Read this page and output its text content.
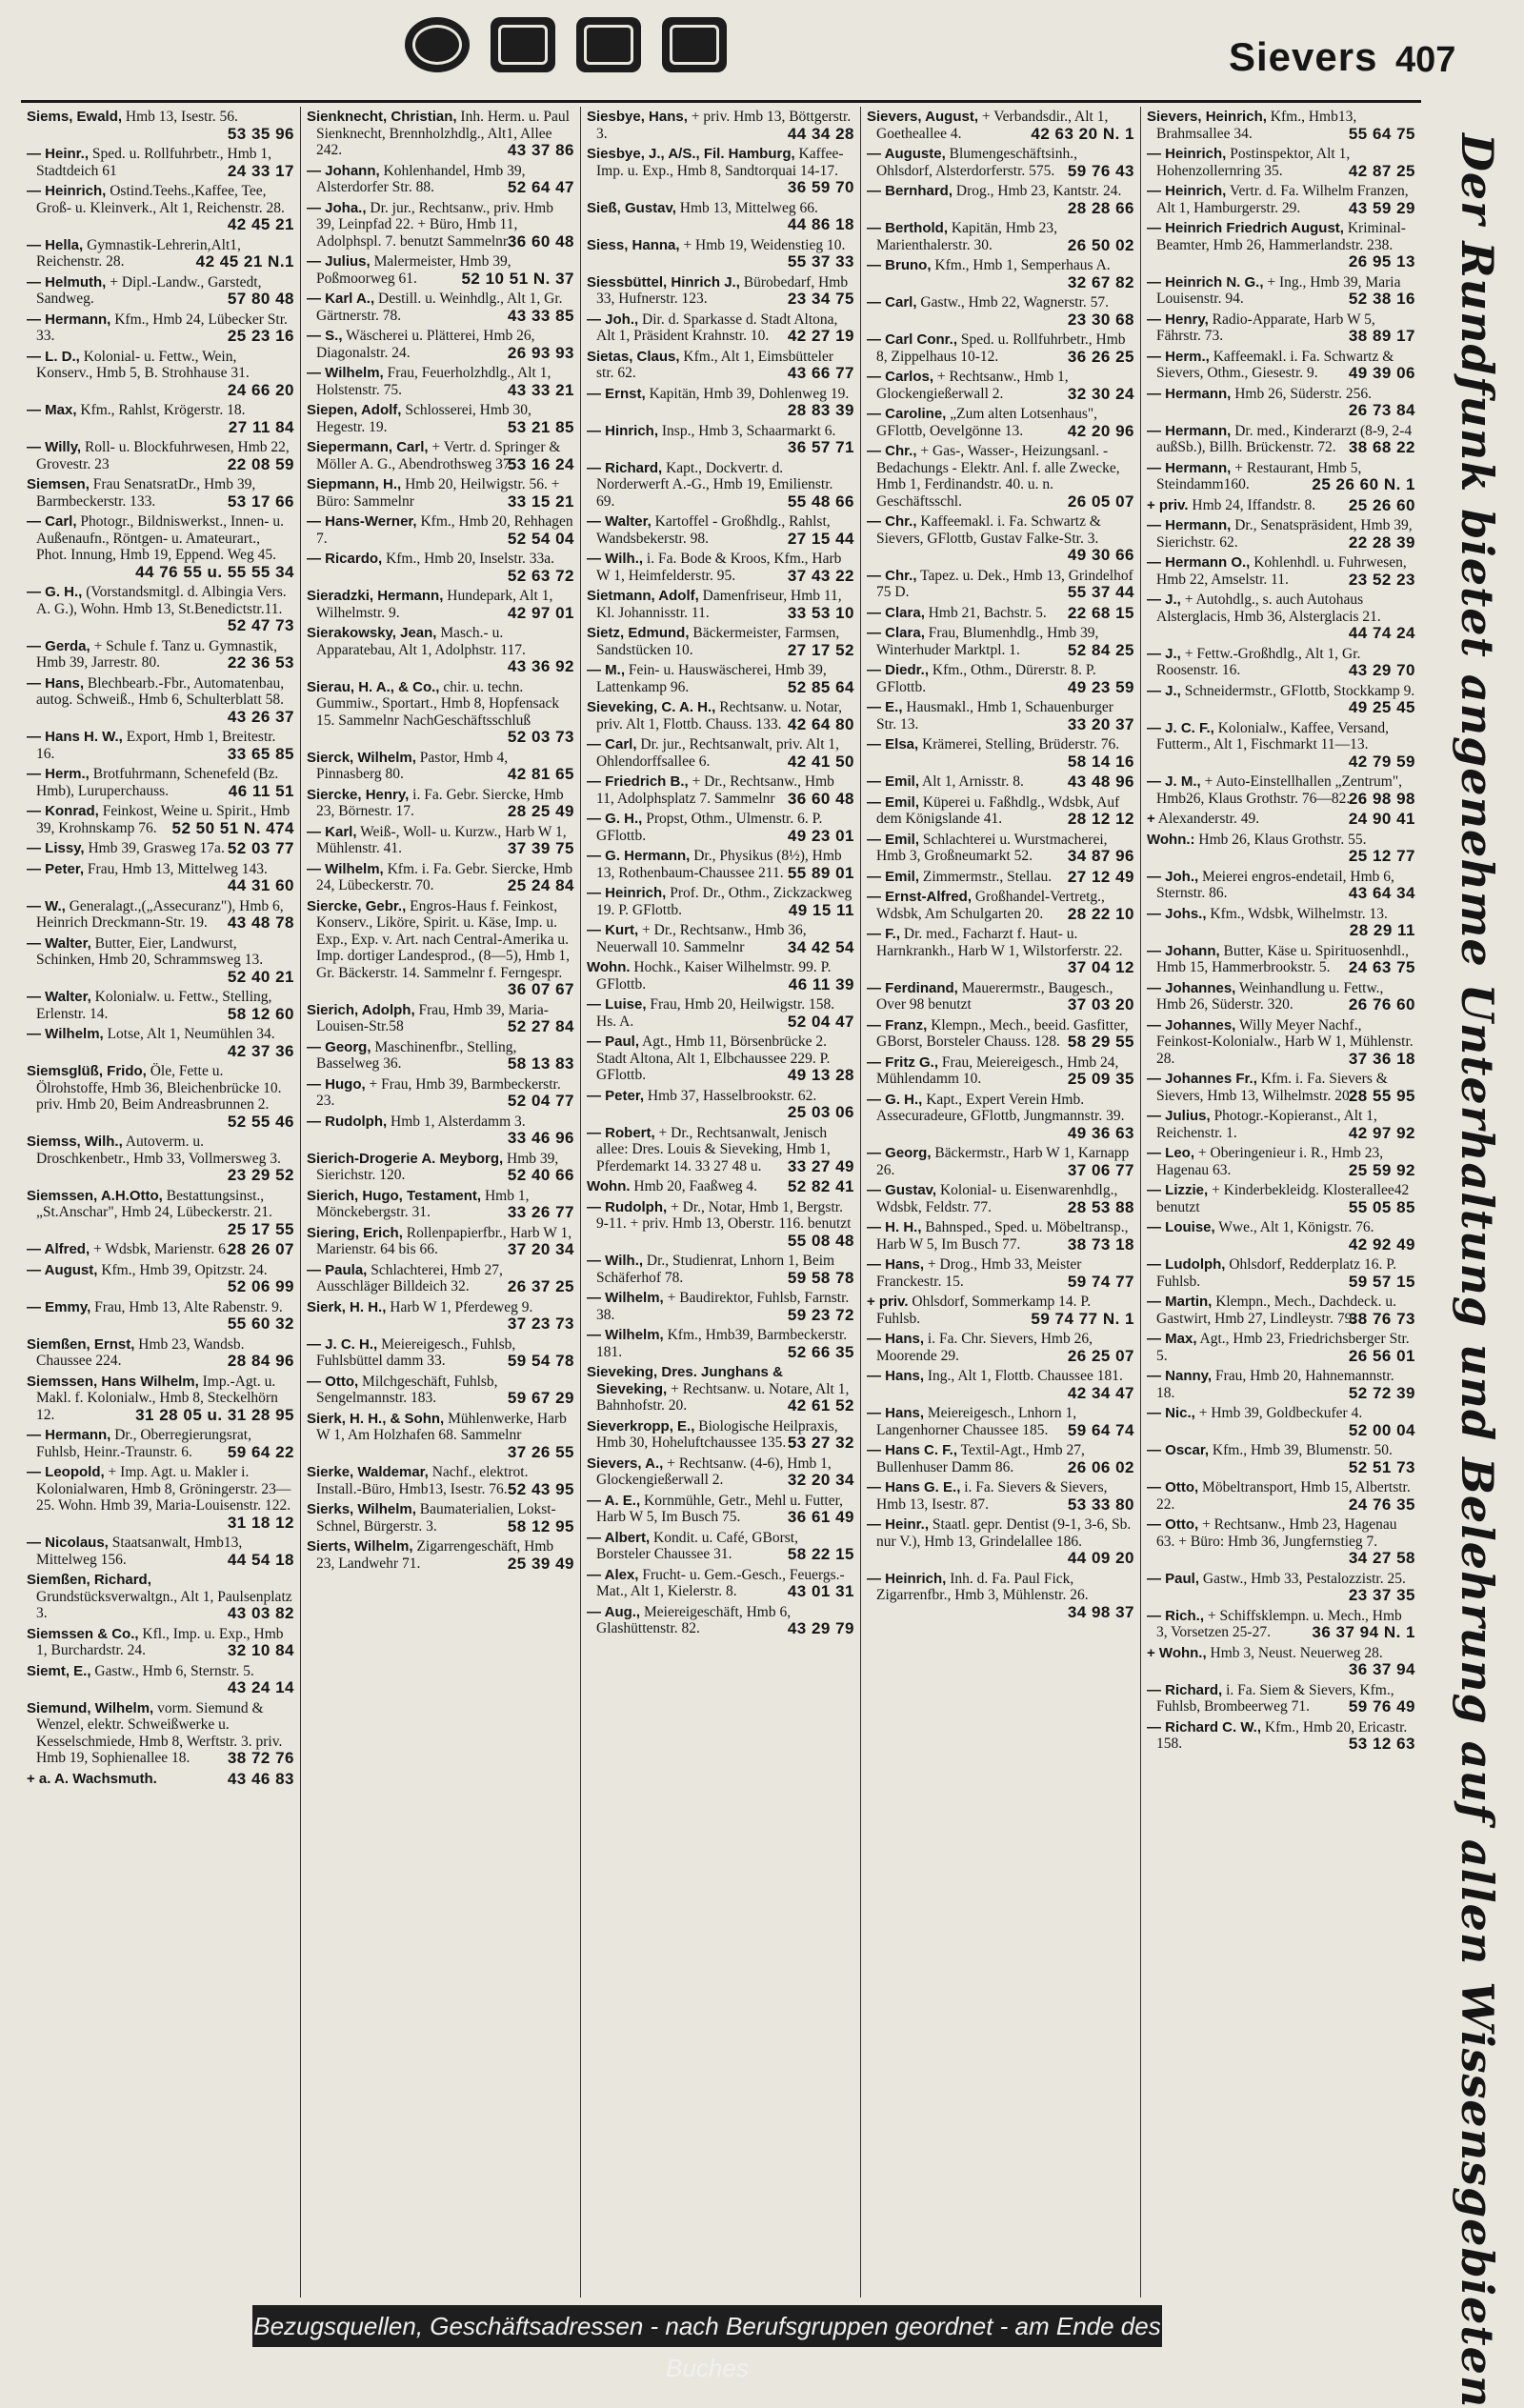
Sievers 407
Siems, Ewald, Hmb 13, Isestr. 56.
53 35 96
— Heinr., Sped. u. Rollfuhrbetr., Hmb 1, Stadtdeich 61	24 33 17
— Heinrich, Ostind.Teehs.,Kaffee, Tee, Groß- u. Kleinverk., Alt 1, Reichenstr. 28.
42 45 21
— Hella, Gymnastik-Lehrerin,Alt1, Reichenstr. 28.	42 45 21 N.1
— Helmuth, + Dipl.-Landw., Garstedt, Sandweg.	57 80 48
— Hermann, Kfm., Hmb 24, Lübecker Str. 33.	25 23 16
— L. D., Kolonial- u. Fettw., Wein, Konserv., Hmb 5, B. Strohhause 31.
24 66 20
— Max, Kfm., Rahlst, Krögerstr. 18.
27 11 84
— Willy, Roll- u. Blockfuhrwesen, Hmb 22, Grovestr. 23	22 08 59
Siemsen, Frau SenatsratDr., Hmb 39, Barmbeckerstr. 133.	53 17 66
— Carl, Photogr., Bildniswerkst., Innen- u. Außenaufn., Röntgen- u. Amateurart., Phot. Innung, Hmb 19, Eppend. Weg 45.
44 76 55 u. 55 55 34
— G. H., (Vorstandsmitgl. d. Albingia Vers. A. G.), Wohn. Hmb 13, St.Benedictstr.11.
52 47 73
— Gerda, + Schule f. Tanz u. Gymnastik, Hmb 39, Jarrestr. 80.	22 36 53
— Hans, Blechbearb.-Fbr., Automatenbau, autog. Schweiß., Hmb 6, Schulterblatt 58.
43 26 37
— Hans H. W., Export, Hmb 1, Breitestr. 16.	33 65 85
— Herm., Brotfuhrmann, Schenefeld (Bz. Hmb), Luruperchauss.	46 11 51
— Konrad, Feinkost, Weine u. Spirit., Hmb 39, Krohnskamp 76. 52 50 51 N. 474
— Lissy, Hmb 39, Grasweg 17a. 52 03 77
— Peter, Frau, Hmb 13, Mittelweg 143.
44 31 60
— W., Generalagt.,(„Assecuranz"), Hmb 6, Heinrich Dreckmann-Str. 19. 43 48 78
— Walter, Butter, Eier, Landwurst, Schinken, Hmb 20, Schrammsweg 13.
52 40 21
— Walter, Kolonialw. u. Fettw., Stelling, Erlenstr. 14.	58 12 60
— Wilhelm, Lotse, Alt 1, Neumühlen 34.
42 37 36
Siemsglüß, Frido, Öle, Fette u. Ölrohstoffe, Hmb 36, Bleichenbrücke 10. priv. Hmb 20, Beim Andreasbrunnen 2.
52 55 46
Siemss, Wilh., Autoverm. u. Droschkenbetr., Hmb 33, Vollmersweg 3.
23 29 52
Siemssen, A.H.Otto, Bestattungsinst., „St.Anschar", Hmb 24, Lübeckerstr. 21.
25 17 55
— Alfred, + Wdsbk, Marienstr. 6.
28 26 07
— August, Kfm., Hmb 39, Opitzstr. 24.
52 06 99
— Emmy, Frau, Hmb 13, Alte Rabenstr. 9.
55 60 32
Siemßen, Ernst, Hmb 23, Wandsb. Chaussee 224.	28 84 96
Siemssen, Hans Wilhelm, Imp.-Agt. u. Makl. f. Kolonialw., Hmb 8, Steckelhörn 12.	31 28 05 u. 31 28 95
— Hermann, Dr., Oberregierungsrat, Fuhlsb, Heinr.-Traunstr. 6. 59 64 22
— Leopold, + Imp. Agt. u. Makler i. Kolonialwaren, Hmb 8, Gröningerstr. 23—25. Wohn. Hmb 39, Maria-Louisenstr. 122.
31 18 12
— Nicolaus, Staatsanwalt, Hmb13, Mittelweg 156.	44 54 18
Siemßen, Richard, Grundstücksverwaltgn., Alt 1, Paulsenplatz 3.	43 03 82
Siemssen & Co., Kfl., Imp. u. Exp., Hmb 1, Burchardstr. 24.	32 10 84
Siemt, E., Gastw., Hmb 6, Sternstr. 5.
43 24 14
Siemund, Wilhelm, vorm. Siemund & Wenzel, elektr. Schweißwerke u. Kesselschmiede, Hmb 8, Werftstr. 3. priv. Hmb 19, Sophienallee 18. 38 72 76
+ a. A. Wachsmuth.	43 46 83
Sienknecht, Christian, Inh. Herm. u. Paul Sienknecht, Brennholzhdlg., Alt1, Allee 242.	43 37 86
— Johann, Kohlenhandel, Hmb 39, Alsterdorfer Str. 88.	52 64 47
— Joha., Dr. jur., Rechtsanw., priv. Hmb 39, Leinpfad 22. + Büro, Hmb 11, Adolphspl. 7. benutzt Sammelnr 36 60 48
— Julius, Malermeister, Hmb 39, Poßmoorweg 61.	52 10 51 N. 37
— Karl A., Destill. u. Weinhdlg., Alt 1, Gr. Gärtnerstr. 78.	43 33 85
— S., Wäscherei u. Plätterei, Hmb 26, Diagonalstr. 24.	26 93 93
— Wilhelm, Frau, Feuerholzhdlg., Alt 1, Holstenstr. 75.	43 33 21
Siepen, Adolf, Schlosserei, Hmb 30, Hegestr. 19.	53 21 85
Siepermann, Carl, + Vertr. d. Springer & Möller A. G., Abendrothsweg 37.
53 16 24
Siepmann, H., Hmb 20, Heilwigstr. 56. + Büro: Sammelnr	33 15 21
— Hans-Werner, Kfm., Hmb 20, Rehhagen 7.	52 54 04
— Ricardo, Kfm., Hmb 20, Inselstr. 33a.
52 63 72
Sieradzki, Hermann, Hundepark, Alt 1, Wilhelmstr. 9.	42 97 01
Sierakowsky, Jean, Masch.- u. Apparatebau, Alt 1, Adolphstr. 117.
43 36 92
Sierau, H. A., & Co., chir. u. techn. Gummiw., Sportart., Hmb 8, Hopfensack 15. Sammelnr NachGeschäftsschluß
52 03 73
Sierck, Wilhelm, Pastor, Hmb 4, Pinnasberg 80.	42 81 65
Siercke, Henry, i. Fa. Gebr. Siercke, Hmb 23, Börnestr. 17.	28 25 49
— Karl, Weiß-, Woll- u. Kurzw., Harb W 1, Mühlenstr. 41.	37 39 75
— Wilhelm, Kfm. i. Fa. Gebr. Siercke, Hmb 24, Lübeckerstr. 70.	25 24 84
Siercke, Gebr., Engros-Haus f. Feinkost, Konserv., Liköre, Spirit. u. Käse, Imp. u. Exp., Exp. v. Art. nach Central-Amerika u. Imp. dortiger Landesprod., (8—5), Hmb 1, Gr. Bäckerstr. 14. Sammelnr f. Ferngespr.
36 07 67
Sierich, Adolph, Frau, Hmb 39, Maria-Louisen-Str.58	52 27 84
— Georg, Maschinenfbr., Stelling, Basselweg 36.	58 13 83
— Hugo, + Frau, Hmb 39, Barmbeckerstr. 23.	52 04 77
— Rudolph, Hmb 1, Alsterdamm 3.
33 46 96
Sierich-Drogerie A. Meyborg, Hmb 39, Sierichstr. 120.	52 40 66
Sierich, Hugo, Testament, Hmb 1, Mönckebergstr. 31.	33 26 77
Siering, Erich, Rollenpapierfbr., Harb W 1, Marienstr. 64 bis 66.	37 20 34
— Paula, Schlachterei, Hmb 27, Ausschläger Billdeich 32. 26 37 25
Sierk, H. H., Harb W 1, Pferdeweg 9.
37 23 73
— J. C. H., Meiereigesch., Fuhlsb, Fuhlsbüttel damm 33.	59 54 78
— Otto, Milchgeschäft, Fuhlsb, Sengelmannstr. 183.	59 67 29
Sierk, H. H., & Sohn, Mühlenwerke, Harb W 1, Am Holzhafen 68. Sammelnr
37 26 55
Sierke, Waldemar, Nachf., elektrot. Install.-Büro, Hmb13, Isestr. 76. 52 43 95
Sierks, Wilhelm, Baumaterialien, Lokst-Schnel, Bürgerstr. 3.	58 12 95
Sierts, Wilhelm, Zigarrengeschäft, Hmb 23, Landwehr 71.	25 39 49
Siesbye, Hans, + priv. Hmb 13, Böttgerstr. 3.	44 34 28
Siesbye, J., A/S., Fil. Hamburg, Kaffee-Imp. u. Exp., Hmb 8, Sandtorquai 14-17.
36 59 70
Sieß, Gustav, Hmb 13, Mittelweg 66.
44 86 18
Siess, Hanna, + Hmb 19, Weidenstieg 10.
55 37 33
Siessbüttel, Hinrich J., Bürobedarf, Hmb 33, Hufnerstr. 123.	23 34 75
— Joh., Dir. d. Sparkasse d. Stadt Altona, Alt 1, Präsident Krahnstr. 10. 42 27 19
Sietas, Claus, Kfm., Alt 1, Eimsbütteler str. 62.	43 66 77
— Ernst, Kapitän, Hmb 39, Dohlenweg 19.
28 83 39
— Hinrich, Insp., Hmb 3, Schaarmarkt 6.
36 57 71
— Richard, Kapt., Dockvertr. d. Norderwerft A.-G., Hmb 19, Emilienstr. 69.	55 48 66
— Walter, Kartoffel - Großhdlg., Rahlst, Wandsbekerstr. 98.	27 15 44
— Wilh., i. Fa. Bode & Kroos, Kfm., Harb W 1, Heimfelderstr. 95.	37 43 22
Sietmann, Adolf, Damenfriseur, Hmb 11, Kl. Johannisstr. 11.	33 53 10
Sietz, Edmund, Bäckermeister, Farmsen, Sandstücken 10.	27 17 52
— M., Fein- u. Hauswäscherei, Hmb 39, Lattenkamp 96.	52 85 64
Sieveking, C. A. H., Rechtsanw. u. Notar, priv. Alt 1, Flottb. Chauss. 133. 42 64 80
— Carl, Dr. jur., Rechtsanwalt, priv. Alt 1, Ohlendorffsallee 6.	42 41 50
— Friedrich B., + Dr., Rechtsanw., Hmb 11, Adolphsplatz 7. Sammelnr 36 60 48
— G. H., Propst, Othm., Ulmenstr. 6. P. GFlottb.	49 23 01
— G. Hermann, Dr., Physikus (8½), Hmb 13, Rothenbaum-Chaussee 211. 55 89 01
— Heinrich, Prof. Dr., Othm., Zickzackweg 19. P. GFlottb.	49 15 11
— Kurt, + Dr., Rechtsanw., Hmb 36, Neuerwall 10. Sammelnr	34 42 54
Wohn. Hochk., Kaiser Wilhelmstr. 99. P. GFlottb.	46 11 39
— Luise, Frau, Hmb 20, Heilwigstr. 158. Hs. A.	52 04 47
— Paul, Agt., Hmb 11, Börsenbrücke 2. Stadt Altona, Alt 1, Elbchaussee 229. P. GFlottb.	49 13 28
— Peter, Hmb 37, Hasselbrookstr. 62.
25 03 06
— Robert, + Dr., Rechtsanwalt, Jenisch allee: Dres. Louis & Sieveking, Hmb 1, Pferdemarkt 14. 33 27 48 u. 33 27 49
Wohn. Hmb 20, Faaßweg 4. 52 82 41
— Rudolph, + Dr., Notar, Hmb 1, Bergstr. 9-11. + priv. Hmb 13, Oberstr. 116. benutzt
55 08 48
— Wilh., Dr., Studienrat, Lnhorn 1, Beim Schäferhof 78.	59 58 78
— Wilhelm, + Baudirektor, Fuhlsb, Farnstr. 38.	59 23 72
— Wilhelm, Kfm., Hmb39, Barmbeckerstr. 181.	52 66 35
Sieveking, Dres. Junghans & Sieveking, + Rechtsanw. u. Notare, Alt 1, Bahnhofstr. 20.	42 61 52
Sieverkropp, E., Biologische Heilpraxis, Hmb 30, Hoheluftchaussee 135. 53 27 32
Sievers, A., + Rechtsanw. (4-6), Hmb 1, Glockengießerwall 2.	32 20 34
— A. E., Kornmühle, Getr., Mehl u. Futter, Harb W 5, Im Busch 75.	36 61 49
— Albert, Kondit. u. Café, GBorst, Borsteler Chaussee 31.	58 22 15
— Alex, Frucht- u. Gem.-Gesch., Feuergs.-Mat., Alt 1, Kielerstr. 8.	43 01 31
— Aug., Meiereigeschäft, Hmb 6, Glashüttenstr. 82.	43 29 79
Sievers, August, + Verbandsdir., Alt 1, Goetheallee 4.	42 63 20 N. 1
— Auguste, Blumengeschäftsinh., Ohlsdorf, Alsterdorferstr. 575. 59 76 43
— Bernhard, Drog., Hmb 23, Kantstr. 24.
28 28 66
— Berthold, Kapitän, Hmb 23, Marienthalerstr. 30.	26 50 02
— Bruno, Kfm., Hmb 1, Semperhaus A.
32 67 82
— Carl, Gastw., Hmb 22, Wagnerstr. 57.
23 30 68
— Carl Conr., Sped. u. Rollfuhrbetr., Hmb 8, Zippelhaus 10-12.	36 26 25
— Carlos, + Rechtsanw., Hmb 1, Glockengießerwall 2.	32 30 24
— Caroline, „Zum alten Lotsenhaus", GFlottb, Oevelgönne 13.	42 20 96
— Chr., + Gas-, Wasser-, Heizungsanl. - Bedachungs - Elektr. Anl. f. alle Zwecke, Hmb 1, Ferdinandstr. 40. u. n. Geschäftsschl.	26 05 07
— Chr., Kaffeemakl. i. Fa. Schwartz & Sievers, GFlottb, Gustav Falke-Str. 3.
49 30 66
— Chr., Tapez. u. Dek., Hmb 13, Grindelhof 75 D.	55 37 44
— Clara, Hmb 21, Bachstr. 5. 22 68 15
— Clara, Frau, Blumenhdlg., Hmb 39, Winterhuder Marktpl. 1.	52 84 25
— Diedr., Kfm., Othm., Dürerstr. 8. P. GFlottb.	49 23 59
— E., Hausmakl., Hmb 1, Schauenburger Str. 13.	33 20 37
— Elsa, Krämerei, Stelling, Brüderstr. 76.
58 14 16
— Emil, Alt 1, Arnisstr. 8.	43 48 96
— Emil, Küperei u. Faßhdlg., Wdsbk, Auf dem Königslande 41.	28 12 12
— Emil, Schlachterei u. Wurstmacherei, Hmb 3, Großneumarkt 52. 34 87 96
— Emil, Zimmermstr., Stellau. 27 12 49
— Ernst-Alfred, Großhandel-Vertretg., Wdsbk, Am Schulgarten 20. 28 22 10
— F., Dr. med., Facharzt f. Haut- u. Harnkrankh., Harb W 1, Wilstorferstr. 22.
37 04 12
— Ferdinand, Mauerermstr., Baugesch., Over 98 benutzt	37 03 20
— Franz, Klempn., Mech., beeid. Gasfitter, GBorst, Borsteler Chauss. 128. 58 29 55
— Fritz G., Frau, Meiereigesch., Hmb 24, Mühlendamm 10.	25 09 35
— G. H., Kapt., Expert Verein Hmb. Assecuradeure, GFlottb, Jungmannstr. 39.
49 36 63
— Georg, Bäckermstr., Harb W 1, Karnapp 26.	37 06 77
— Gustav, Kolonial- u. Eisenwarenhdlg., Wdsbk, Feldstr. 77.	28 53 88
— H. H., Bahnsped., Sped. u. Möbeltransp., Harb W 5, Im Busch 77.	38 73 18
— Hans, + Drog., Hmb 33, Meister Franckestr. 15.	59 74 77
+ priv. Ohlsdorf, Sommerkamp 14. P. Fuhlsb.	59 74 77 N. 1
— Hans, i. Fa. Chr. Sievers, Hmb 26, Moorende 29.	26 25 07
— Hans, Ing., Alt 1, Flottb. Chaussee 181.
42 34 47
— Hans, Meiereigesch., Lnhorn 1, Langenhorner Chaussee 185. 59 64 74
— Hans C. F., Textil-Agt., Hmb 27, Bullenhuser Damm 86.	26 06 02
— Hans G. E., i. Fa. Sievers & Sievers, Hmb 13, Isestr. 87.	53 33 80
— Heinr., Staatl. gepr. Dentist (9-1, 3-6, Sb. nur V.), Hmb 13, Grindelallee 186.
44 09 20
— Heinrich, Inh. d. Fa. Paul Fick, Zigarrenfbr., Hmb 3, Mühlenstr. 26.
34 98 37
Sievers, Heinrich, Kfm., Hmb13, Brahmsallee 34.	55 64 75
— Heinrich, Postinspektor, Alt 1, Hohenzollernring 35.	42 87 25
— Heinrich, Vertr. d. Fa. Wilhelm Franzen, Alt 1, Hamburgerstr. 29.	43 59 29
— Heinrich Friedrich August, Kriminal-Beamter, Hmb 26, Hammerlandstr. 238.
26 95 13
— Heinrich N. G., + Ing., Hmb 39, Maria Louisenstr. 94.	52 38 16
— Henry, Radio-Apparate, Harb W 5, Fährstr. 73.	38 89 17
— Herm., Kaffeemakl. i. Fa. Schwartz & Sievers, Othm., Giesestr. 9. 49 39 06
— Hermann, Hmb 26, Süderstr. 256.
26 73 84
— Hermann, Dr. med., Kinderarzt (8-9, 2-4 außSb.), Billh. Brückenstr. 72. 38 68 22
— Hermann, + Restaurant, Hmb 5, Steindamm160.	25 26 60 N. 1
+ priv. Hmb 24, Iffandstr. 8. 25 26 60
— Hermann, Dr., Senatspräsident, Hmb 39, Sierichstr. 62.	22 28 39
— Hermann O., Kohlenhdl. u. Fuhrwesen, Hmb 22, Amselstr. 11.	23 52 23
— J., + Autohdlg., s. auch Autohaus Alsterglacis, Hmb 36, Alsterglacis 21.
44 74 24
— J., + Fettw.-Großhdlg., Alt 1, Gr. Roosenstr. 16.	43 29 70
— J., Schneidermstr., GFlottb, Stockkamp 9.
49 25 45
— J. C. F., Kolonialw., Kaffee, Versand, Futterm., Alt 1, Fischmarkt 11—13.
42 79 59
— J. M., + Auto-Einstellhallen „Zentrum", Hmb26, Klaus Grothstr. 76—82.
26 98 98
+ Alexanderstr. 49.	24 90 41
Wohn.: Hmb 26, Klaus Grothstr. 55.
25 12 77
— Joh., Meierei engros-endetail, Hmb 6, Sternstr. 86.	43 64 34
— Johs., Kfm., Wdsbk, Wilhelmstr. 13.
28 29 11
— Johann, Butter, Käse u. Spirituosenhdl., Hmb 15, Hammerbrookstr. 5. 24 63 75
— Johannes, Weinhandlung u. Fettw., Hmb 26, Süderstr. 320.	26 76 60
— Johannes, Willy Meyer Nachf., Feinkost-Kolonialw., Harb W 1, Mühlenstr. 28.	37 36 18
— Johannes Fr., Kfm. i. Fa. Sievers & Sievers, Hmb 13, Wilhelmstr. 20.
28 55 95
— Julius, Photogr.-Kopieranst., Alt 1, Reichenstr. 1.	42 97 92
— Leo, + Oberingenieur i. R., Hmb 23, Hagenau 63.	25 59 92
— Lizzie, + Kinderbekleidg. Klosterallee42 benutzt	55 05 85
— Louise, Wwe., Alt 1, Königstr. 76.
42 92 49
— Ludolph, Ohlsdorf, Redderplatz 16. P. Fuhlsb.	59 57 15
— Martin, Klempn., Mech., Dachdeck. u. Gastwirt, Hmb 27, Lindleystr. 79.
38 76 73
— Max, Agt., Hmb 23, Friedrichsberger Str. 5.	26 56 01
— Nanny, Frau, Hmb 20, Hahnemannstr. 18.	52 72 39
— Nic., + Hmb 39, Goldbeckufer 4.
52 00 04
— Oscar, Kfm., Hmb 39, Blumenstr. 50.
52 51 73
— Otto, Möbeltransport, Hmb 15, Albertstr. 22.	24 76 35
— Otto, + Rechtsanw., Hmb 23, Hagenau 63. + Büro: Hmb 36, Jungfernstieg 7.
34 27 58
— Paul, Gastw., Hmb 33, Pestalozzistr. 25.
23 37 35
— Rich., + Schiffsklempn. u. Mech., Hmb 3, Vorsetzen 25-27.	36 37 94 N. 1
+ Wohn., Hmb 3, Neust. Neuerweg 28.
36 37 94
— Richard, i. Fa. Siem & Sievers, Kfm., Fuhlsb, Brombeerweg 71. 59 76 49
— Richard C. W., Kfm., Hmb 20, Ericastr. 158.	53 12 63 Der Rundfunk bietet angenehme Unterhaltung und Belehrung auf allen Wissensgebieten
Bezugsquellen, Geschäftsadressen - nach Berufsgruppen geordnet - am Ende des Buches
